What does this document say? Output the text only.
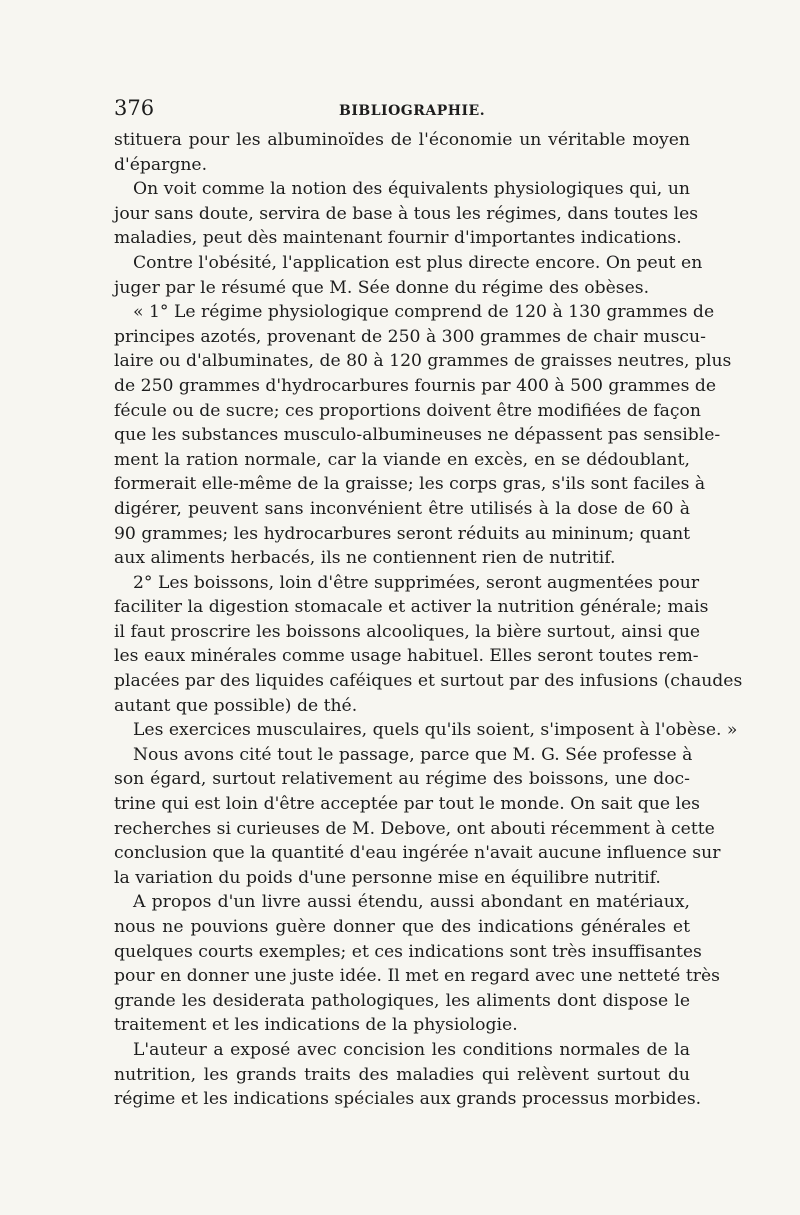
376	BIBLIOGRAPHIE.
stituera pour les albuminoïdes de l'économie un véritable moyen
d'épargne.
On voit comme la notion des équivalents physiologiques qui, un
jour sans doute, servira de base à tous les régimes, dans toutes les
maladies, peut dès maintenant fournir d'importantes indications.
Contre l'obésité, l'application est plus directe encore. On peut en
juger par le résumé que M. Sée donne du régime des obèses.
« 1° Le régime physiologique comprend de 120 à 130 grammes de
principes azotés, provenant de 250 à 300 grammes de chair muscu-
laire ou d'albuminates, de 80 à 120 grammes de graisses neutres, plus
de 250 grammes d'hydrocarbures fournis par 400 à 500 grammes de
fécule ou de sucre; ces proportions doivent être modifiées de façon
que les substances musculo-albumineuses ne dépassent pas sensible-
ment la ration normale, car la viande en excès, en se dédoublant,
formerait elle-même de la graisse; les corps gras, s'ils sont faciles à
digérer, peuvent sans inconvénient être utilisés à la dose de 60 à
90 grammes; les hydrocarbures seront réduits au mininum; quant
aux aliments herbacés, ils ne contiennent rien de nutritif.
2° Les boissons, loin d'être supprimées, seront augmentées pour
faciliter la digestion stomacale et activer la nutrition générale; mais
il faut proscrire les boissons alcooliques, la bière surtout, ainsi que
les eaux minérales comme usage habituel. Elles seront toutes rem-
placées par des liquides caféiques et surtout par des infusions (chaudes
autant que possible) de thé.
Les exercices musculaires, quels qu'ils soient, s'imposent à l'obèse. »
Nous avons cité tout le passage, parce que M. G. Sée professe à
son égard, surtout relativement au régime des boissons, une doc-
trine qui est loin d'être acceptée par tout le monde. On sait que les
recherches si curieuses de M. Debove, ont abouti récemment à cette
conclusion que la quantité d'eau ingérée n'avait aucune influence sur
la variation du poids d'une personne mise en équilibre nutritif.
A propos d'un livre aussi étendu, aussi abondant en matériaux,
nous ne pouvions guère donner que des indications générales et
quelques courts exemples; et ces indications sont très insuffisantes
pour en donner une juste idée. Il met en regard avec une netteté très
grande les desiderata pathologiques, les aliments dont dispose le
traitement et les indications de la physiologie.
L'auteur a exposé avec concision les conditions normales de la
nutrition, les grands traits des maladies qui relèvent surtout du
régime et les indications spéciales aux grands processus morbides.
